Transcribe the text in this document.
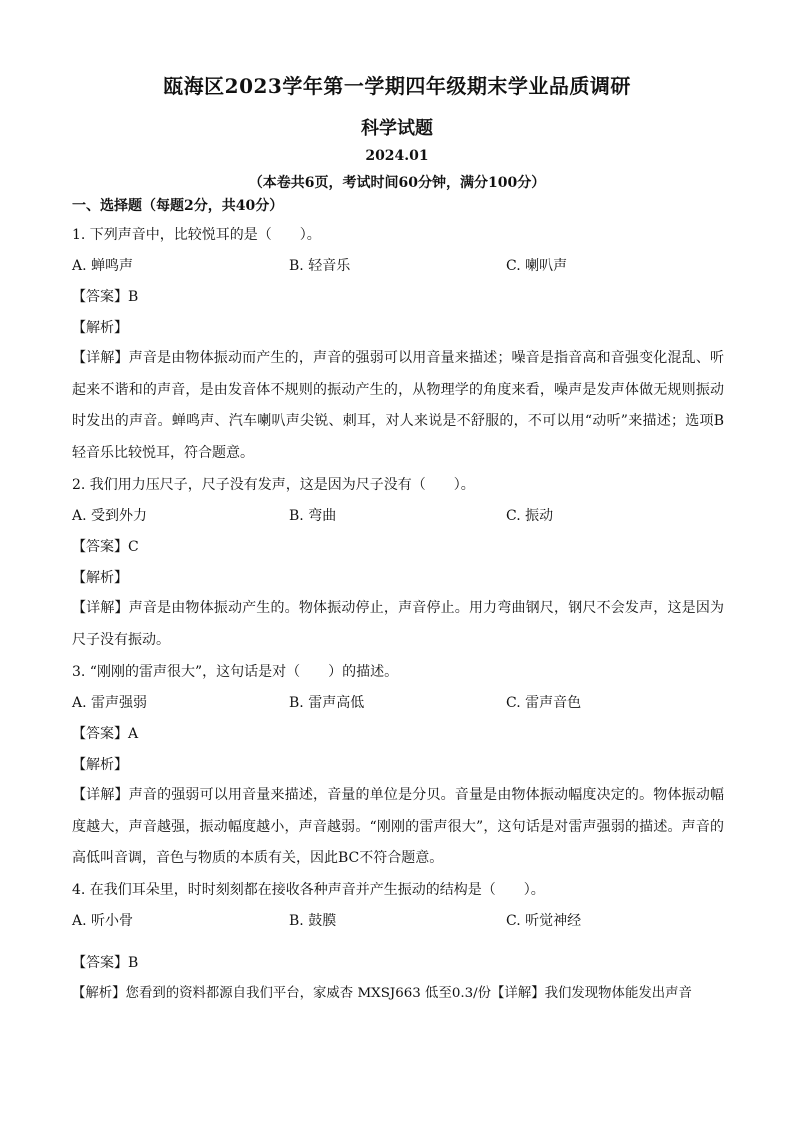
瓯海区2023学年第一学期四年级期末学业品质调研
科学试题
2024.01
（本卷共6页，考试时间60分钟，满分100分）
一、选择题（每题2分，共40分）
1. 下列声音中，比较悦耳的是（　　）。
A. 蝉鸣声	B. 轻音乐	C. 喇叭声
【答案】B
【解析】
【详解】声音是由物体振动而产生的，声音的强弱可以用音量来描述；噪音是指音高和音强变化混乱、听起来不谐和的声音，是由发音体不规则的振动产生的，从物理学的角度来看，噪声是发声体做无规则振动时发出的声音。蝉鸣声、汽车喇叭声尖锐、刺耳，对人来说是不舒服的，不可以用“动听”来描述；选项B轻音乐比较悦耳，符合题意。
2. 我们用力压尺子，尺子没有发声，这是因为尺子没有（　　）。
A. 受到外力	B. 弯曲	C. 振动
【答案】C
【解析】
【详解】声音是由物体振动产生的。物体振动停止，声音停止。用力弯曲钢尺，钢尺不会发声，这是因为尺子没有振动。
3. “刚刚的雷声很大”，这句话是对（　　）的描述。
A. 雷声强弱	B. 雷声高低	C. 雷声音色
【答案】A
【解析】
【详解】声音的强弱可以用音量来描述，音量的单位是分贝。音量是由物体振动幅度决定的。物体振动幅度越大，声音越强，振动幅度越小，声音越弱。“刚刚的雷声很大”，这句话是对雷声强弱的描述。声音的高低叫音调，音色与物质的本质有关，因此BC不符合题意。
4. 在我们耳朵里，时时刻刻都在接收各种声音并产生振动的结构是（　　）。
A. 听小骨	B. 鼓膜	C. 听觉神经
【答案】B
【解析】您看到的资料都源自我们平台，家威杏 MXSJ663 低至0.3/份【详解】我们发现物体能发出声音
